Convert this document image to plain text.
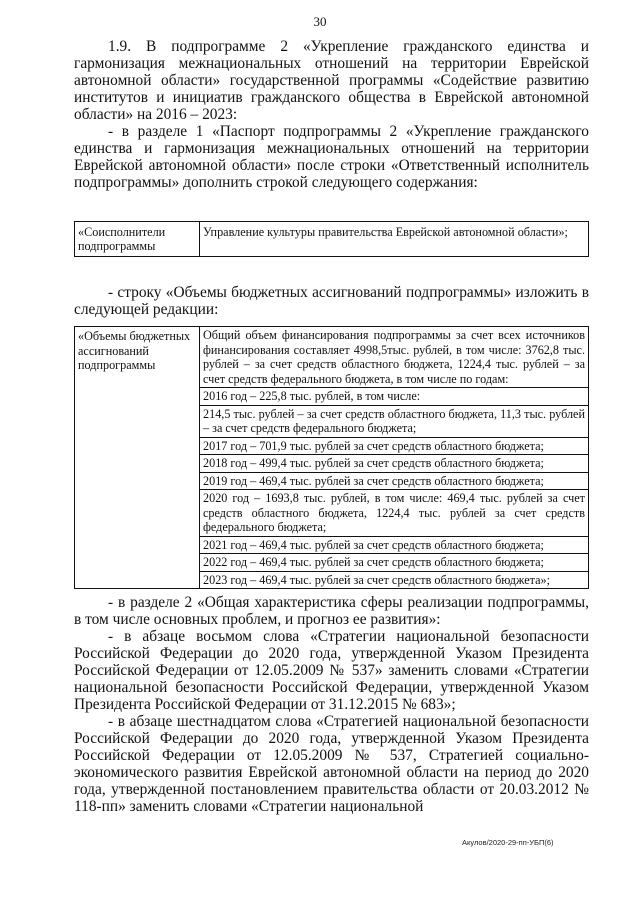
30

1.9. В подпрограмме 2 «Укрепление гражданского единства и гармонизация межнациональных отношений на территории Еврейской автономной области» государственной программы «Содействие развитию институтов и инициатив гражданского общества в Еврейской автономной области» на 2016 – 2023:

- в разделе 1 «Паспорт подпрограммы 2 «Укрепление гражданского единства и гармонизация межнациональных отношений на территории Еврейской автономной области» после строки «Ответственный исполнитель подпрограммы» дополнить строкой следующего содержания:

«Соисполнители подпрограммы	Управление культуры правительства Еврейской автономной области»;

- строку «Объемы бюджетных ассигнований подпрограммы» изложить в следующей редакции:

«Объемы бюджетных ассигнований подпрограммы	
Общий объем финансирования подпрограммы за счет всех источников финансирования составляет 4998,5тыс. рублей, в том числе: 3762,8 тыс. рублей – за счет средств областного бюджета, 1224,4 тыс. рублей – за счет средств федерального бюджета, в том числе по годам:
2016 год – 225,8 тыс. рублей, в том числе:
214,5 тыс. рублей – за счет средств областного бюджета, 11,3 тыс. рублей – за счет средств федерального бюджета;
2017 год – 701,9 тыс. рублей за счет средств областного бюджета;
2018 год – 499,4 тыс. рублей за счет средств областного бюджета;
2019 год – 469,4 тыс. рублей за счет средств областного бюджета;
2020 год – 1693,8 тыс. рублей, в том числе: 469,4 тыс. рублей за счет средств областного бюджета, 1224,4 тыс. рублей за счет средств федерального бюджета;
2021 год – 469,4 тыс. рублей за счет средств областного бюджета;
2022 год – 469,4 тыс. рублей за счет средств областного бюджета;
2023 год – 469,4 тыс. рублей за счет средств областного бюджета»;

- в разделе 2 «Общая характеристика сферы реализации подпрограммы, в том числе основных проблем, и прогноз ее развития»:

- в абзаце восьмом слова «Стратегии национальной безопасности Российской Федерации до 2020 года, утвержденной Указом Президента Российской Федерации от 12.05.2009 № 537» заменить словами «Стратегии национальной безопасности Российской Федерации, утвержденной Указом Президента Российской Федерации от 31.12.2015 № 683»;

- в абзаце шестнадцатом слова «Стратегией национальной безопасности Российской Федерации до 2020 года, утвержденной Указом Президента Российской Федерации от 12.05.2009 № 537, Стратегией социально-экономического развития Еврейской автономной области на период до 2020 года, утвержденной постановлением правительства области от 20.03.2012 № 118-пп» заменить словами «Стратегии национальной

Акулов/2020-29-пп-УБП(6)
